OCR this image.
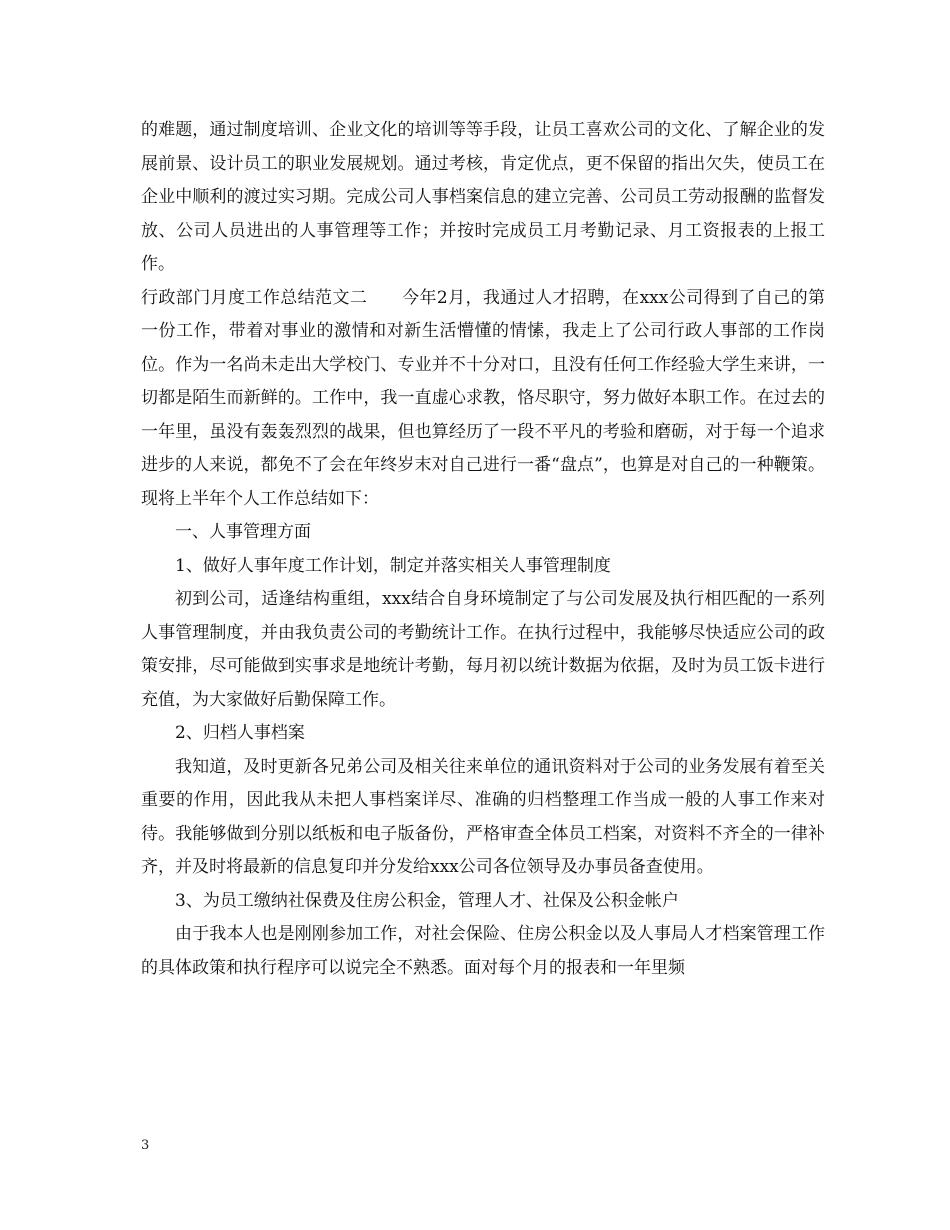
的难题，通过制度培训、企业文化的培训等等手段，让员工喜欢公司的文化、了解企业的发展前景、设计员工的职业发展规划。通过考核，肯定优点，更不保留的指出欠失，使员工在企业中顺利的渡过实习期。完成公司人事档案信息的建立完善、公司员工劳动报酬的监督发放、公司人员进出的人事管理等工作；并按时完成员工月考勤记录、月工资报表的上报工作。

行政部门月度工作总结范文二　　今年2月，我通过人才招聘，在xxx公司得到了自己的第一份工作，带着对事业的激情和对新生活懵懂的情愫，我走上了公司行政人事部的工作岗位。作为一名尚未走出大学校门、专业并不十分对口，且没有任何工作经验大学生来讲，一切都是陌生而新鲜的。工作中，我一直虚心求教，恪尽职守，努力做好本职工作。在过去的一年里，虽没有轰轰烈烈的战果，但也算经历了一段不平凡的考验和磨砺，对于每一个追求进步的人来说，都免不了会在年终岁末对自己进行一番“盘点”，也算是对自己的一种鞭策。现将上半年个人工作总结如下：

一、人事管理方面

1、做好人事年度工作计划，制定并落实相关人事管理制度

初到公司，适逢结构重组，xxx结合自身环境制定了与公司发展及执行相匹配的一系列人事管理制度，并由我负责公司的考勤统计工作。在执行过程中，我能够尽快适应公司的政策安排，尽可能做到实事求是地统计考勤，每月初以统计数据为依据，及时为员工饭卡进行充值，为大家做好后勤保障工作。

2、归档人事档案

我知道，及时更新各兄弟公司及相关往来单位的通讯资料对于公司的业务发展有着至关重要的作用，因此我从未把人事档案详尽、准确的归档整理工作当成一般的人事工作来对待。我能够做到分别以纸板和电子版备份，严格审查全体员工档案，对资料不齐全的一律补齐，并及时将最新的信息复印并分发给xxx公司各位领导及办事员备查使用。

3、为员工缴纳社保费及住房公积金，管理人才、社保及公积金帐户

由于我本人也是刚刚参加工作，对社会保险、住房公积金以及人事局人才档案管理工作的具体政策和执行程序可以说完全不熟悉。面对每个月的报表和一年里频

3
